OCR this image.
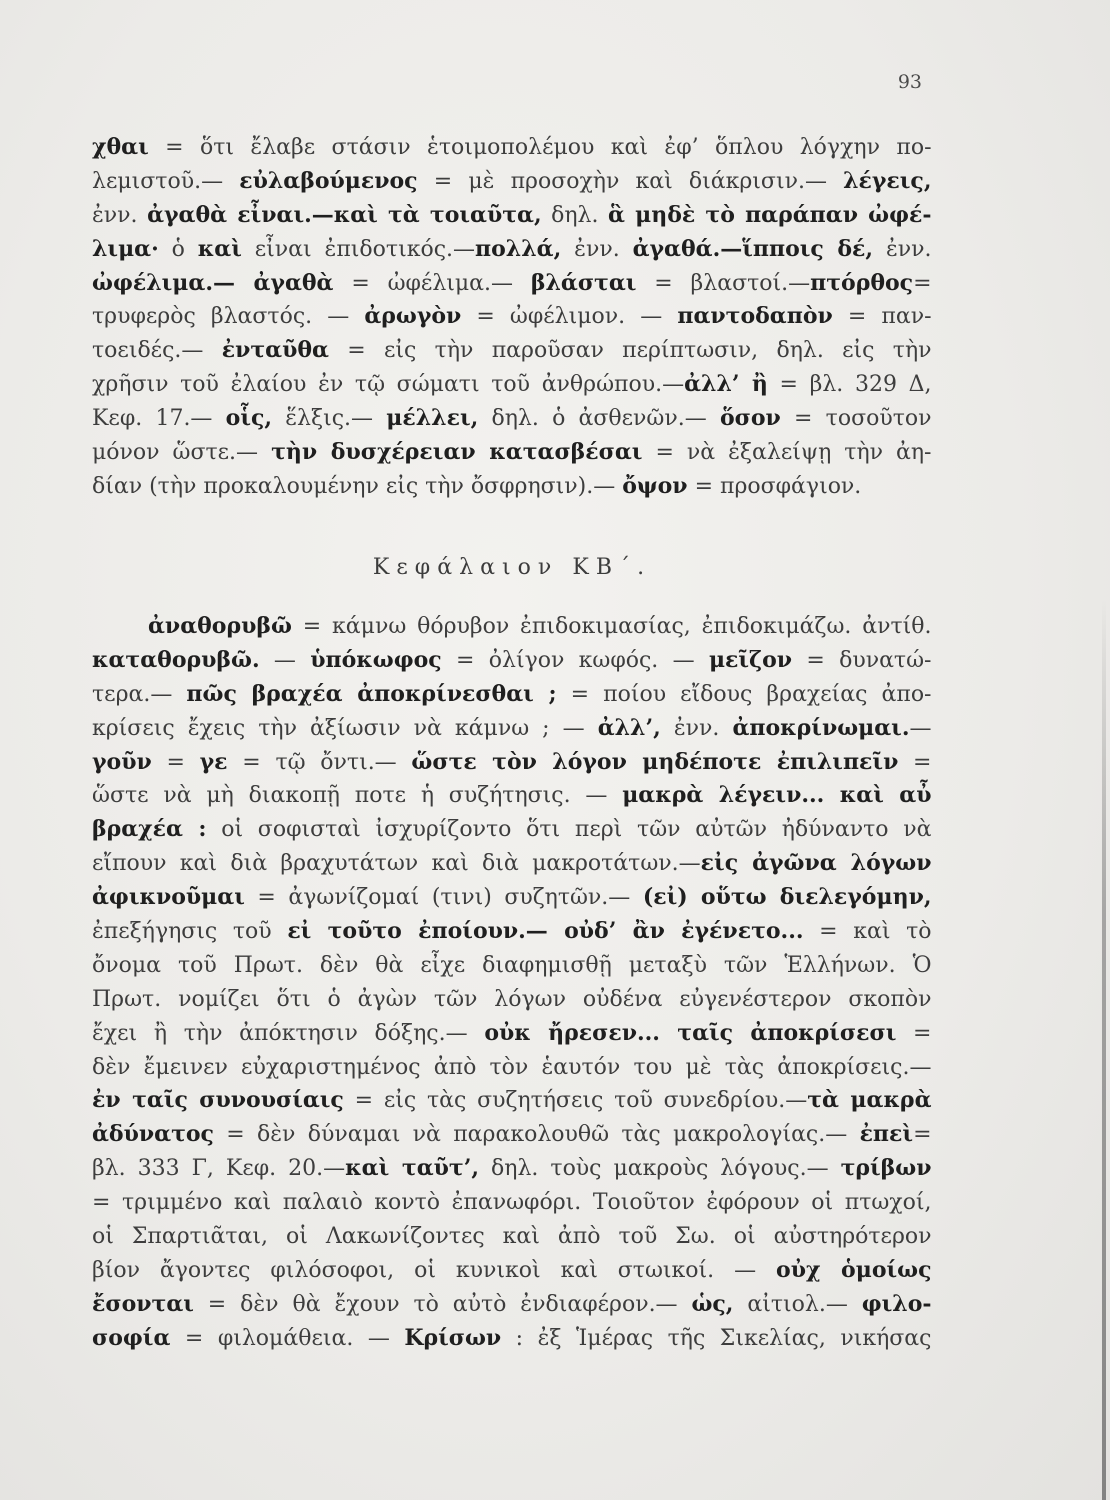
93
Κεφάλαιον ΚΒ΄.
χθαι = ὅτι ἔλαβε στάσιν ἑτοιμοπολέμου καὶ ἐφ’ ὅπλου λόγχην πο-
λεμιστοῦ.— εὐλαβούμενος = μὲ προσοχὴν καὶ διάκρισιν.— λέγεις,
ἐνν. ἀγαθὰ εἶναι.—καὶ τὰ τοιαῦτα, δηλ. ἃ μηδὲ τὸ παράπαν ὠφέ-
λιμα· ὁ καὶ εἶναι ἐπιδοτικός.—πολλά, ἐνν. ἀγαθά.—ἵπποις δέ, ἐνν.
ὠφέλιμα.— ἀγαθὰ = ὠφέλιμα.— βλάσται = βλαστοί.—πτόρθος=
τρυφερὸς βλαστός. — ἀρωγὸν = ὠφέλιμον. — παντοδαπὸν = παν-
τοειδές.— ἐνταῦθα = εἰς τὴν παροῦσαν περίπτωσιν, δηλ. εἰς τὴν
χρῆσιν τοῦ ἐλαίου ἐν τῷ σώματι τοῦ ἀνθρώπου.—ἀλλ’ ἢ = βλ. 329 Δ,
Κεφ. 17.— οἷς, ἕλξις.— μέλλει, δηλ. ὁ ἀσθενῶν.— ὅσον = τοσοῦτον
μόνον ὥστε.— τὴν δυσχέρειαν κατασβέσαι = νὰ ἐξαλείψῃ τὴν ἀη-
δίαν (τὴν προκαλουμένην εἰς τὴν ὄσφρησιν).— ὄψον = προσφάγιον.
ἀναθορυβῶ = κάμνω θόρυβον ἐπιδοκιμασίας, ἐπιδοκιμάζω. ἀντίθ.
καταθορυβῶ. — ὑπόκωφος = ὀλίγον κωφός. — μεῖζον = δυνατώ-
τερα.— πῶς βραχέα ἀποκρίνεσθαι ; = ποίου εἴδους βραχείας ἀπο-
κρίσεις ἔχεις τὴν ἀξίωσιν νὰ κάμνω ; — ἀλλ’, ἐνν. ἀποκρίνωμαι.—
γοῦν = γε = τῷ ὄντι.— ὥστε τὸν λόγον μηδέποτε ἐπιλιπεῖν =
ὥστε νὰ μὴ διακοπῇ ποτε ἡ συζήτησις. — μακρὰ λέγειν... καὶ αὖ
βραχέα : οἱ σοφισταὶ ἰσχυρίζοντο ὅτι περὶ τῶν αὐτῶν ἠδύναντο νὰ
εἴπουν καὶ διὰ βραχυτάτων καὶ διὰ μακροτάτων.—εἰς ἀγῶνα λόγων
ἀφικνοῦμαι = ἀγωνίζομαί (τινι) συζητῶν.— (εἰ) οὕτω διελεγόμην,
ἐπεξήγησις τοῦ εἰ τοῦτο ἐποίουν.— οὐδ’ ἂν ἐγένετο... = καὶ τὸ
ὄνομα τοῦ Πρωτ. δὲν θὰ εἶχε διαφημισθῇ μεταξὺ τῶν Ἑλλήνων. Ὁ
Πρωτ. νομίζει ὅτι ὁ ἀγὼν τῶν λόγων οὐδένα εὐγενέστερον σκοπὸν
ἔχει ἢ τὴν ἀπόκτησιν δόξης.— οὐκ ἤρεσεν... ταῖς ἀποκρίσεσι =
δὲν ἔμεινεν εὐχαριστημένος ἀπὸ τὸν ἑαυτόν του μὲ τὰς ἀποκρίσεις.—
ἐν ταῖς συνουσίαις = εἰς τὰς συζητήσεις τοῦ συνεδρίου.—τὰ μακρὰ
ἀδύνατος = δὲν δύναμαι νὰ παρακολουθῶ τὰς μακρολογίας.— ἐπεὶ=
βλ. 333 Γ, Κεφ. 20.—καὶ ταῦτ’, δηλ. τοὺς μακροὺς λόγους.— τρίβων
= τριμμένο καὶ παλαιὸ κοντὸ ἐπανωφόρι. Τοιοῦτον ἐφόρουν οἱ πτωχοί,
οἱ Σπαρτιᾶται, οἱ Λακωνίζοντες καὶ ἀπὸ τοῦ Σω. οἱ αὐστηρότερον
βίον ἄγοντες φιλόσοφοι, οἱ κυνικοὶ καὶ στωικοί. — οὐχ ὁμοίως
ἔσονται = δὲν θὰ ἔχουν τὸ αὐτὸ ἐνδιαφέρον.— ὡς, αἰτιολ.— φιλο-
σοφία = φιλομάθεια. — Κρίσων : ἐξ Ἱμέρας τῆς Σικελίας, νικήσας
